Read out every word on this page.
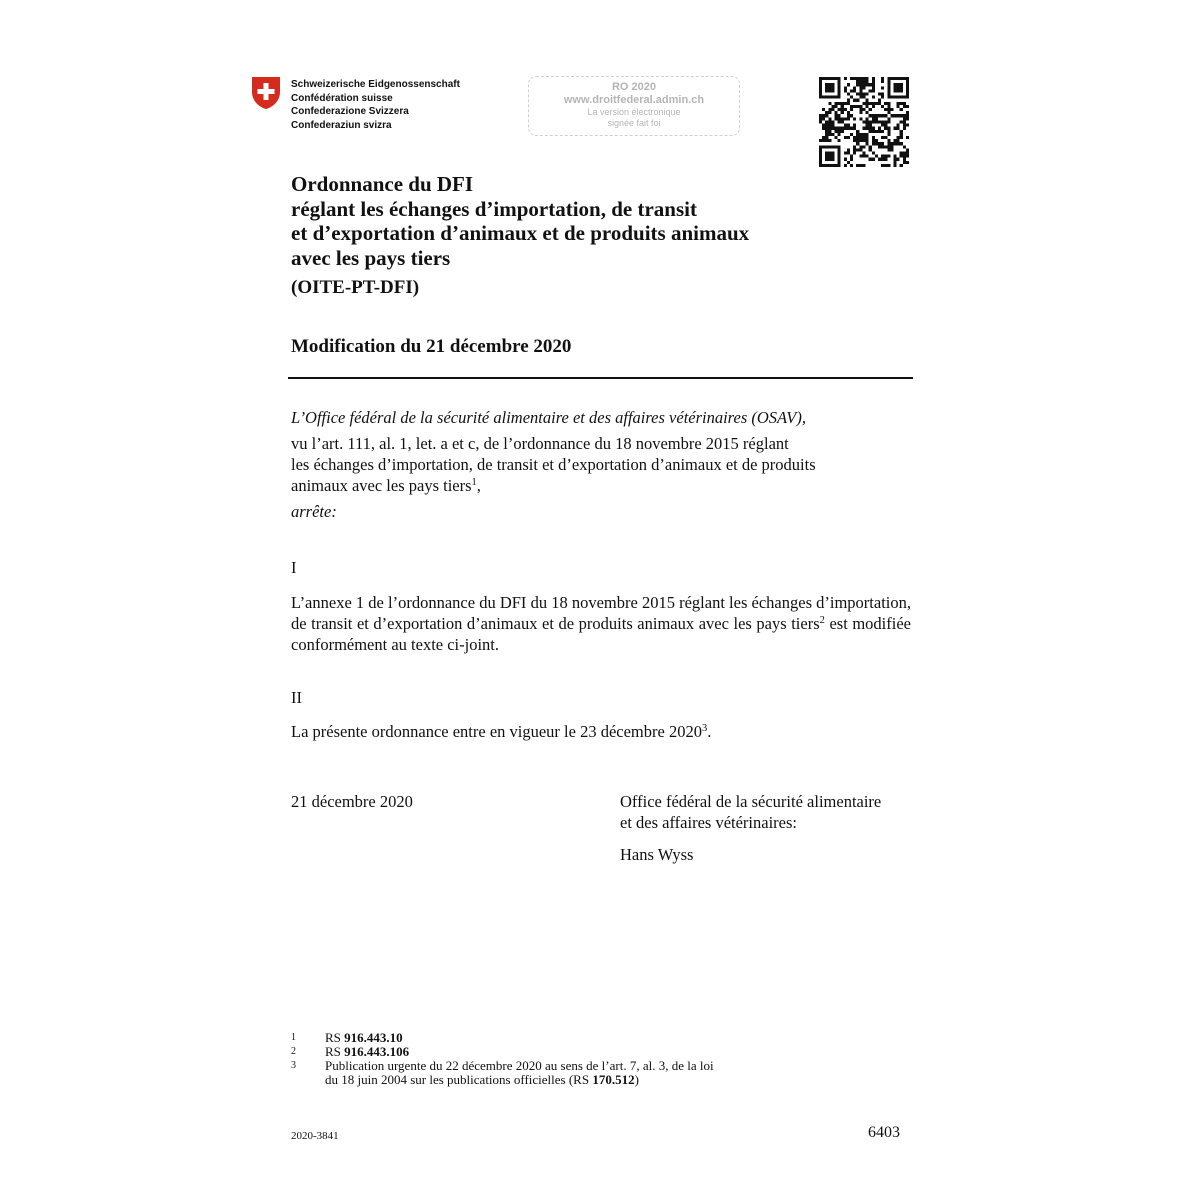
Schweizerische Eidgenossenschaft
Confédération suisse
Confederazione Svizzera
Confederaziun svizra
RO 2020
www.droitfederal.admin.ch
La version électronique
signée fait foi
Ordonnance du DFI
réglant les échanges d’importation, de transit
et d’exportation d’animaux et de produits animaux
avec les pays tiers
(OITE-PT-DFI)
Modification du 21 décembre 2020
L’Office fédéral de la sécurité alimentaire et des affaires vétérinaires (OSAV),
vu l’art. 111, al. 1, let. a et c, de l’ordonnance du 18 novembre 2015 réglant
les échanges d’importation, de transit et d’exportation d’animaux et de produits
animaux avec les pays tiers$^1$,
arrête:
I
L’annexe 1 de l’ordonnance du DFI du 18 novembre 2015 réglant les échanges d’importation, de transit et d’exportation d’animaux et de produits animaux avec les pays tiers$^2$ est modifiée conformément au texte ci-joint.
II
La présente ordonnance entre en vigueur le 23 décembre 2020$^3$.
21 décembre 2020	Office fédéral de la sécurité alimentaire
et des affaires vétérinaires:
Hans Wyss
1	RS 916.443.10
2	RS 916.443.106
3	Publication urgente du 22 décembre 2020 au sens de l’art. 7, al. 3, de la loi
du 18 juin 2004 sur les publications officielles (RS 170.512)
2020-3841	6403
